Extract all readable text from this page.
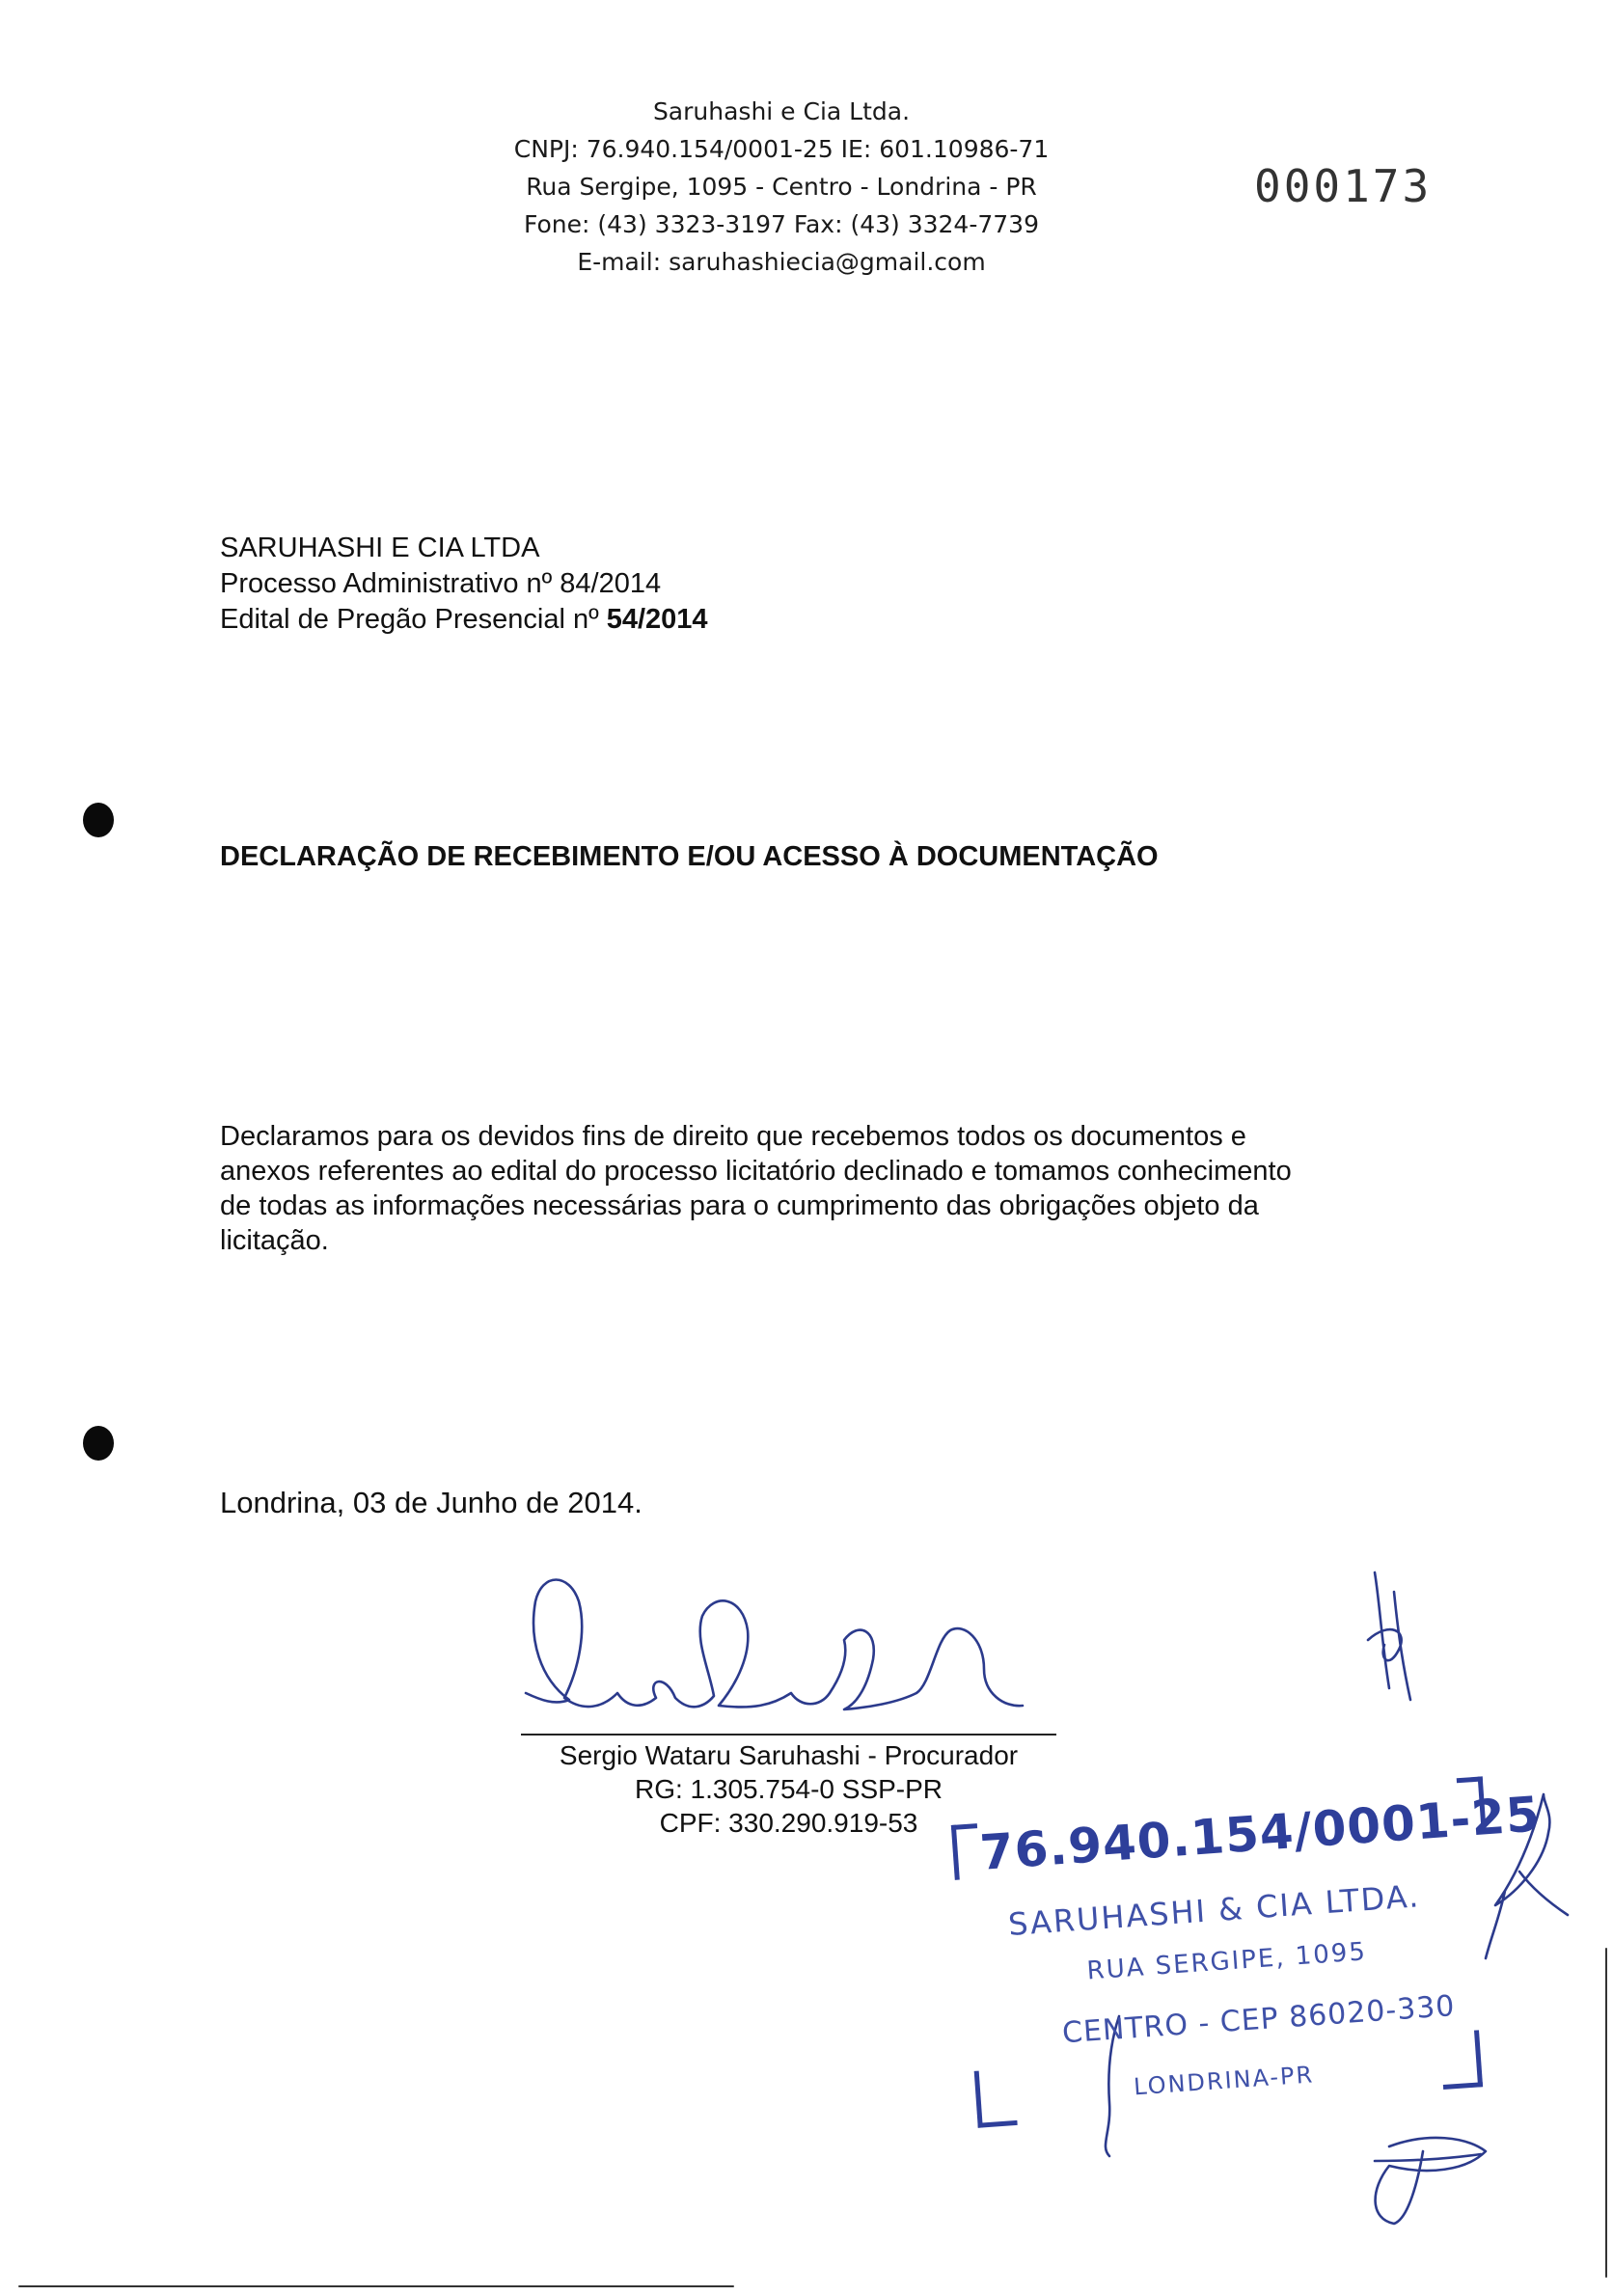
Saruhashi e Cia Ltda.
CNPJ: 76.940.154/0001-25 IE: 601.10986-71
Rua Sergipe, 1095 - Centro - Londrina - PR
Fone: (43) 3323-3197 Fax: (43) 3324-7739
E-mail: saruhashiecia@gmail.com
000173
SARUHASHI E CIA LTDA
Processo Administrativo nº 84/2014
Edital de Pregão Presencial nº 54/2014
DECLARAÇÃO DE RECEBIMENTO E/OU ACESSO À DOCUMENTAÇÃO
Declaramos para os devidos fins de direito que recebemos todos os documentos e
anexos referentes ao edital do processo licitatório declinado e tomamos conhecimento
de todas as informações necessárias para o cumprimento das obrigações objeto da
licitação.
Londrina, 03 de Junho de 2014.
Sergio Wataru Saruhashi - Procurador
RG: 1.305.754-0 SSP-PR
CPF: 330.290.919-53	76.940.154/0001-25
SARUHASHI & CIA LTDA.
RUA SERGIPE, 1095
CENTRO - CEP 86020-330
LONDRINA-PR
